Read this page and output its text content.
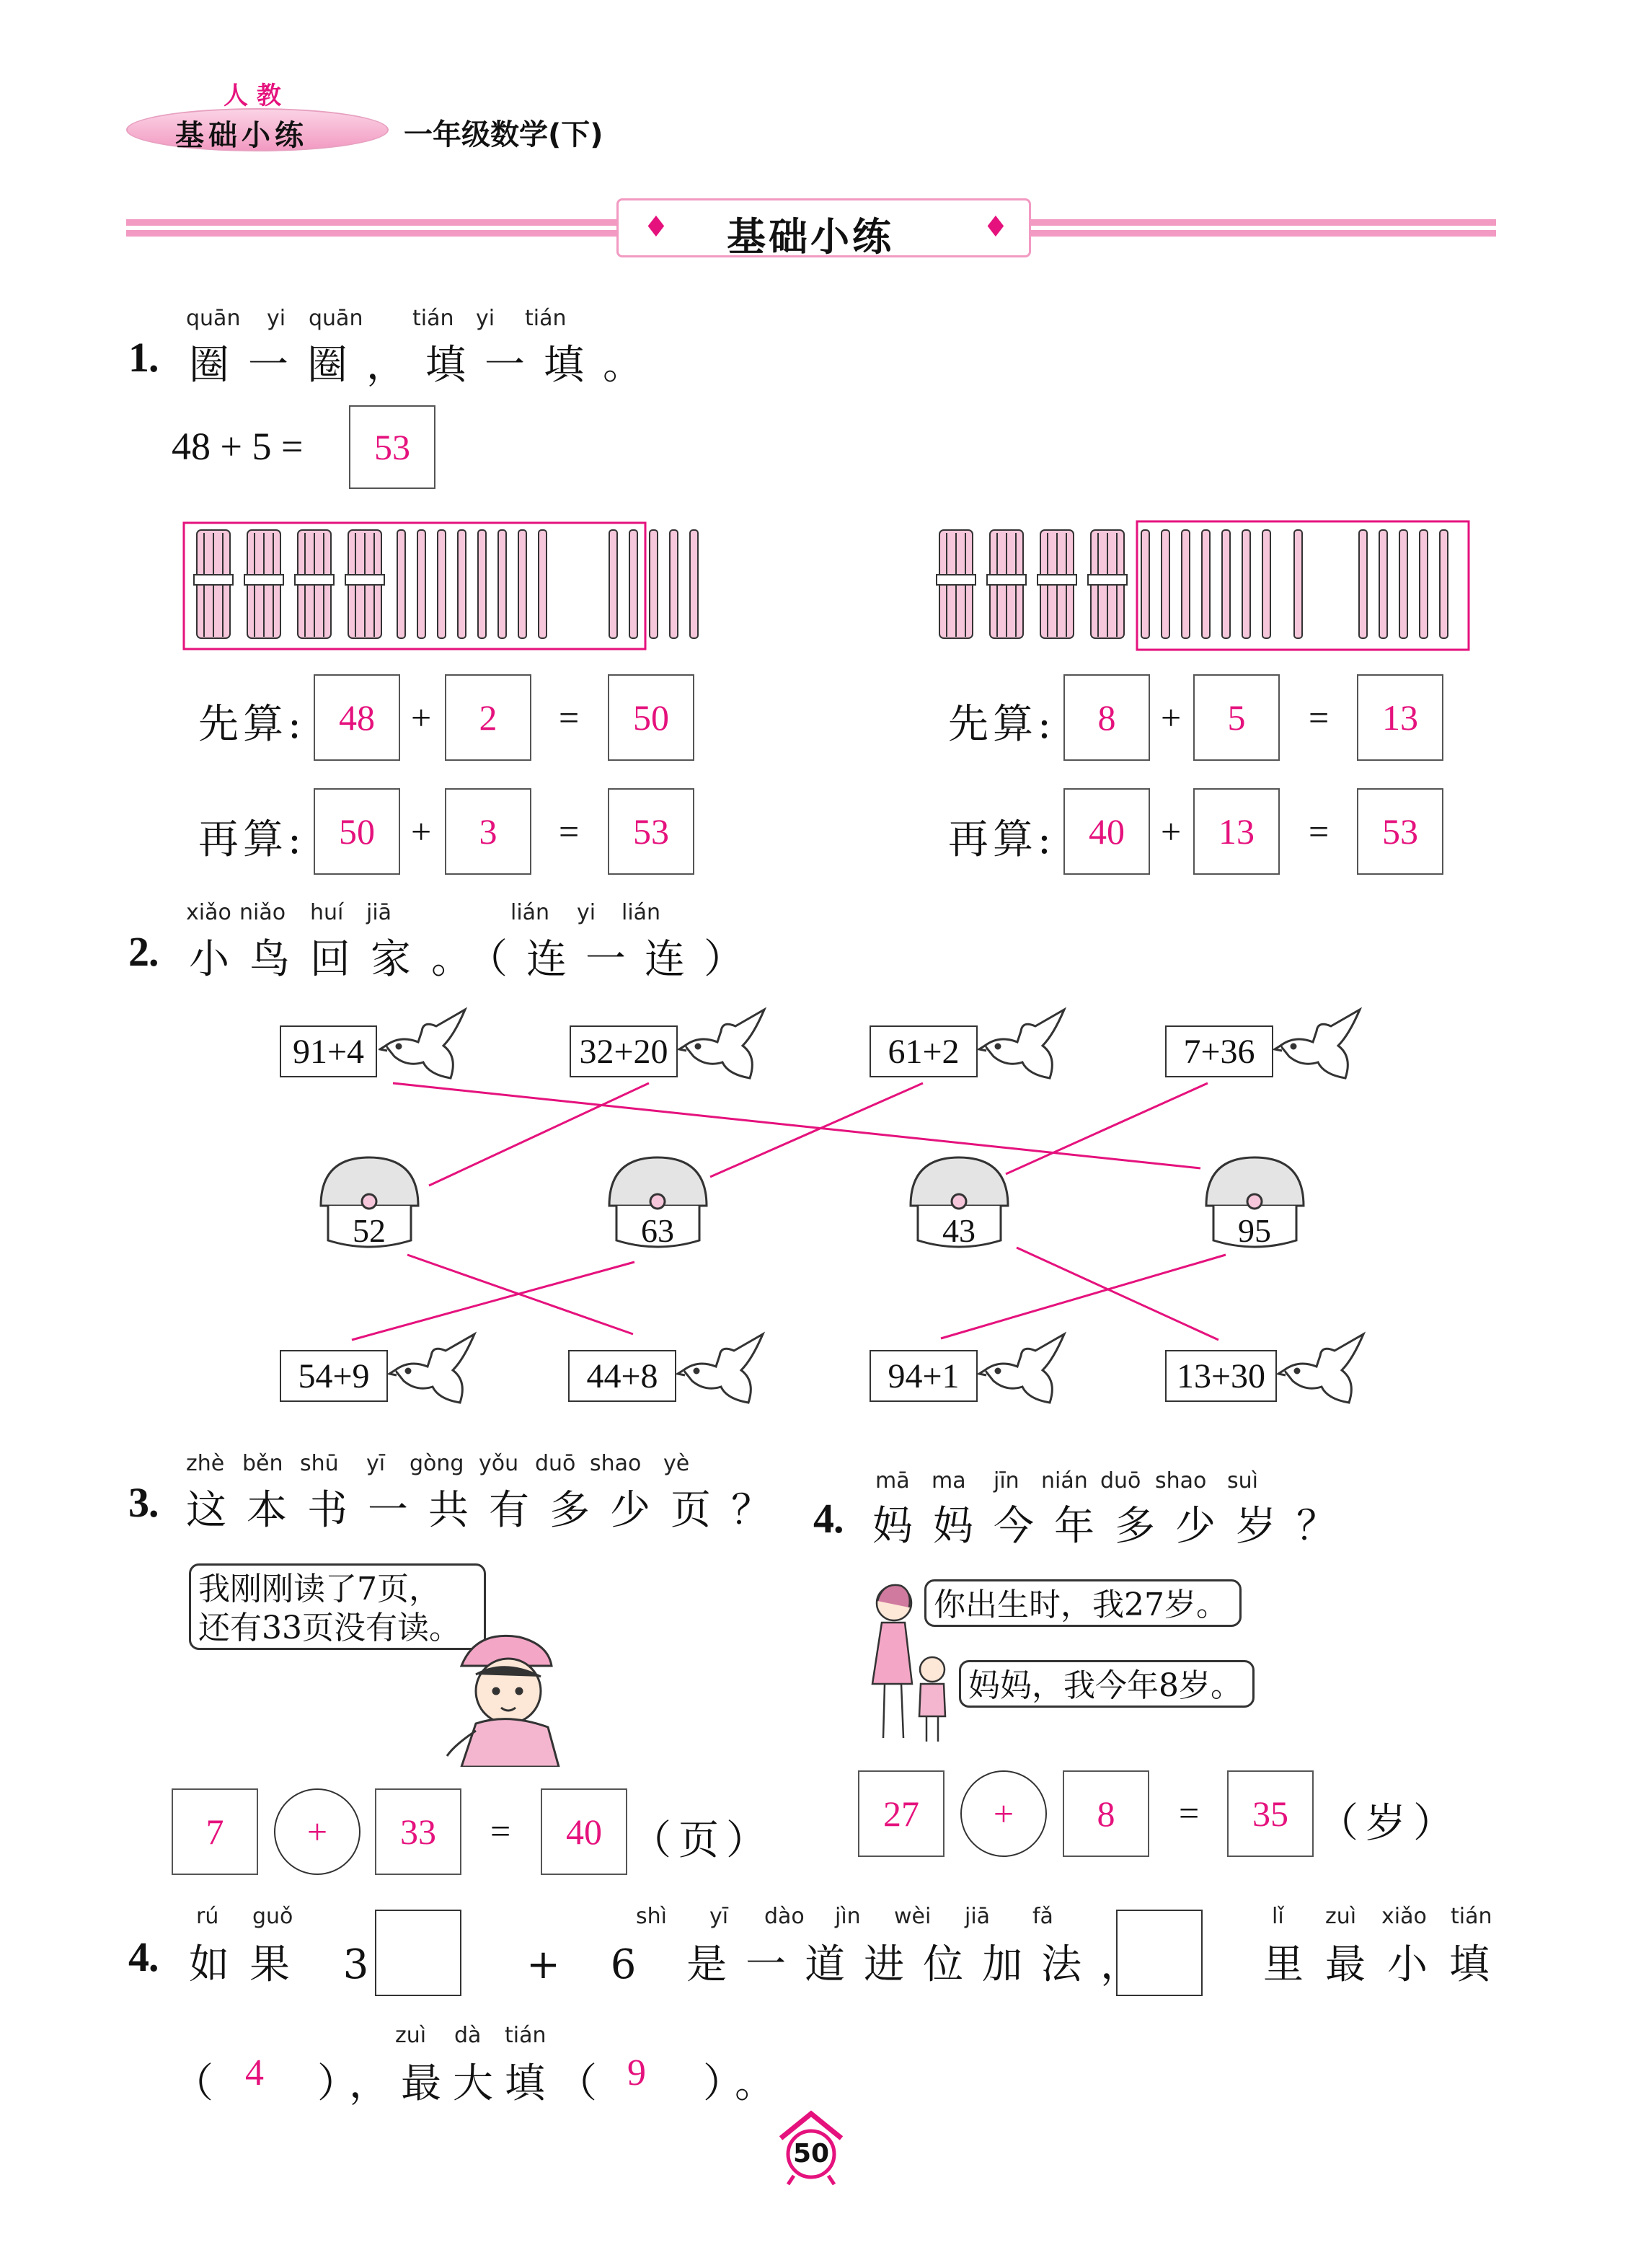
基础小练
人 教
一年级数学(下)
♦ 基础小练	♦
1 .
quān yi quān tián yi tián
圈一圈，填一填。
48 + 5 =	53
先算: 48	+	2	=	50
再算: 50	+	3	=	53
先算:	8	+	5	=	13
再算: 40	+	13	=	53
2 .
xiǎo niǎo huí jiā	lián yi lián
小鸟回家。
（连一连）
91+4	32+20	61+2	7+36
54+9	44+8	94+1	13+30
52	63	43	95
3 .
zhè běn shū yī gòng yǒu duō shao yè
这本书一共有多少页？
我刚刚读了7页，
还有33页没有读。
7	+	33	=	40 （页）
4 .
mā ma jīn nián duō shao suì
妈妈今年多少岁？
你出生时，我27岁。
妈妈，我今年8岁。
27	+	8	=	35 （岁）
4 .
rú guǒ
如果 3
shì yī dào jìn wèi jiā fǎ
+ 6 是一道进位加法，
lǐ zuì xiǎo tián
里最小填
zuì dà tián
（ 4 ），最大填（ 9 ）。
50
